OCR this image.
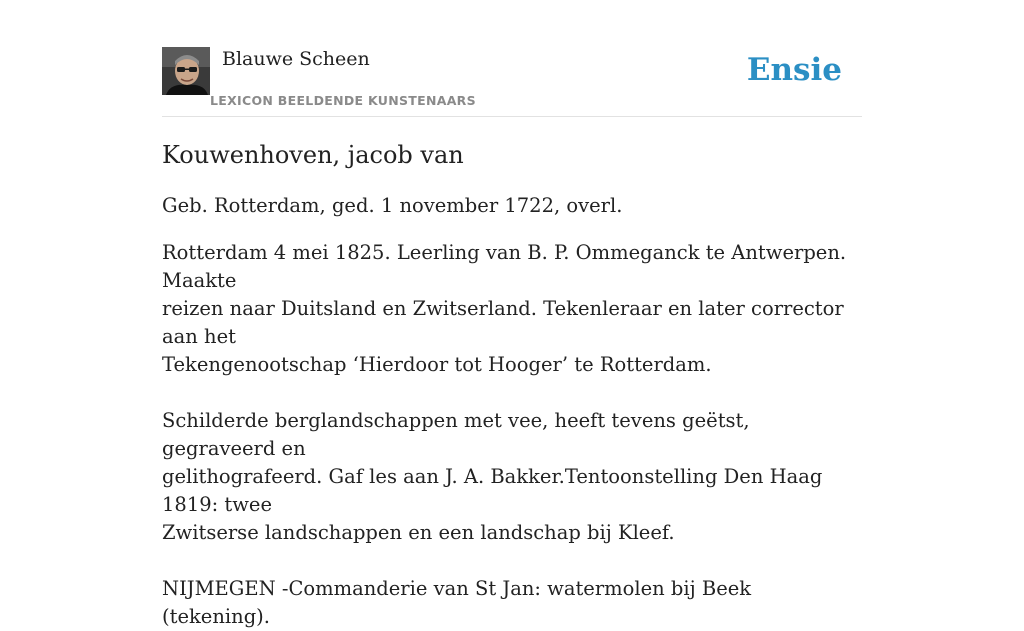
Blauwe Scheen
LEXICON BEELDENDE KUNSTENAARS
Ensie
Kouwenhoven, jacob van
Geb. Rotterdam, ged. 1 november 1722, overl.
Rotterdam 4 mei 1825. Leerling van B. P. Ommeganck te Antwerpen. Maakte
reizen naar Duitsland en Zwitserland. Tekenleraar en later corrector aan het
Tekengenootschap ‘Hierdoor tot Hooger’ te Rotterdam.
Schilderde berglandschappen met vee, heeft tevens geëtst, gegraveerd en
gelithografeerd. Gaf les aan J. A. Bakker.Tentoonstelling Den Haag 1819: twee
Zwitserse landschappen en een landschap bij Kleef.
NIJMEGEN -Commanderie van St Jan: watermolen bij Beek (tekening).
